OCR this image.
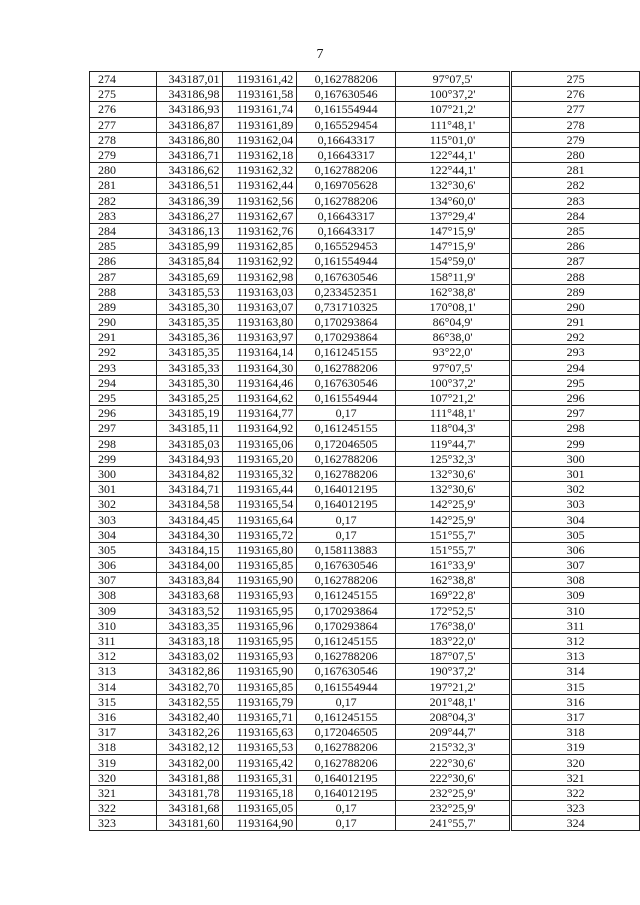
7
274	343187,01	1193161,42	0,162788206	97°07,5'		275
275	343186,98	1193161,58	0,167630546	100°37,2'		276
276	343186,93	1193161,74	0,161554944	107°21,2'		277
277	343186,87	1193161,89	0,165529454	111°48,1'		278
278	343186,80	1193162,04	0,16643317	115°01,0'		279
279	343186,71	1193162,18	0,16643317	122°44,1'		280
280	343186,62	1193162,32	0,162788206	122°44,1'		281
281	343186,51	1193162,44	0,169705628	132°30,6'		282
282	343186,39	1193162,56	0,162788206	134°60,0'		283
283	343186,27	1193162,67	0,16643317	137°29,4'		284
284	343186,13	1193162,76	0,16643317	147°15,9'		285
285	343185,99	1193162,85	0,165529453	147°15,9'		286
286	343185,84	1193162,92	0,161554944	154°59,0'		287
287	343185,69	1193162,98	0,167630546	158°11,9'		288
288	343185,53	1193163,03	0,233452351	162°38,8'		289
289	343185,30	1193163,07	0,731710325	170°08,1'		290
290	343185,35	1193163,80	0,170293864	86°04,9'		291
291	343185,36	1193163,97	0,170293864	86°38,0'		292
292	343185,35	1193164,14	0,161245155	93°22,0'		293
293	343185,33	1193164,30	0,162788206	97°07,5'		294
294	343185,30	1193164,46	0,167630546	100°37,2'		295
295	343185,25	1193164,62	0,161554944	107°21,2'		296
296	343185,19	1193164,77	0,17	111°48,1'		297
297	343185,11	1193164,92	0,161245155	118°04,3'		298
298	343185,03	1193165,06	0,172046505	119°44,7'		299
299	343184,93	1193165,20	0,162788206	125°32,3'		300
300	343184,82	1193165,32	0,162788206	132°30,6'		301
301	343184,71	1193165,44	0,164012195	132°30,6'		302
302	343184,58	1193165,54	0,164012195	142°25,9'		303
303	343184,45	1193165,64	0,17	142°25,9'		304
304	343184,30	1193165,72	0,17	151°55,7'		305
305	343184,15	1193165,80	0,158113883	151°55,7'		306
306	343184,00	1193165,85	0,167630546	161°33,9'		307
307	343183,84	1193165,90	0,162788206	162°38,8'		308
308	343183,68	1193165,93	0,161245155	169°22,8'		309
309	343183,52	1193165,95	0,170293864	172°52,5'		310
310	343183,35	1193165,96	0,170293864	176°38,0'		311
311	343183,18	1193165,95	0,161245155	183°22,0'		312
312	343183,02	1193165,93	0,162788206	187°07,5'		313
313	343182,86	1193165,90	0,167630546	190°37,2'		314
314	343182,70	1193165,85	0,161554944	197°21,2'		315
315	343182,55	1193165,79	0,17	201°48,1'		316
316	343182,40	1193165,71	0,161245155	208°04,3'		317
317	343182,26	1193165,63	0,172046505	209°44,7'		318
318	343182,12	1193165,53	0,162788206	215°32,3'		319
319	343182,00	1193165,42	0,162788206	222°30,6'		320
320	343181,88	1193165,31	0,164012195	222°30,6'		321
321	343181,78	1193165,18	0,164012195	232°25,9'		322
322	343181,68	1193165,05	0,17	232°25,9'		323
323	343181,60	1193164,90	0,17	241°55,7'		324
